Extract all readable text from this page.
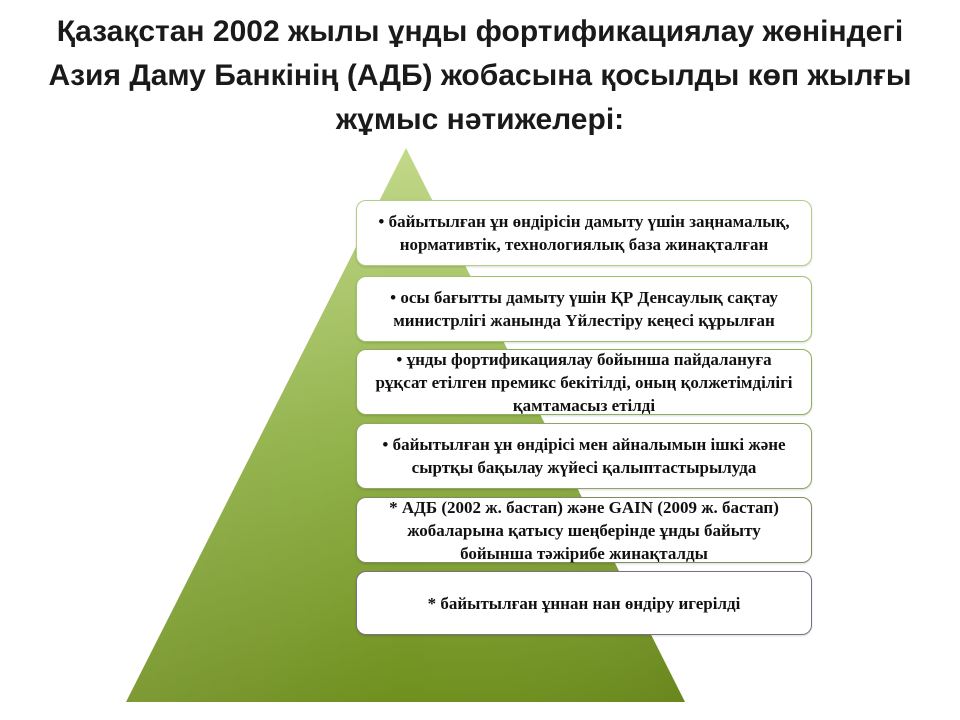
Қазақстан 2002 жылы ұнды фортификациялау жөніндегі Азия Даму Банкінің (АДБ) жобасына қосылды көп жылғы жұмыс нәтижелері:
• байытылған ұн өндірісін дамыту үшін заңнамалық, нормативтік, технологиялық база жинақталған
• осы бағытты дамыту үшін ҚР Денсаулық сақтау министрлігі жанында Үйлестіру кеңесі құрылған
• ұнды фортификациялау бойынша пайдалануға рұқсат етілген премикс бекітілді, оның қолжетімділігі қамтамасыз етілді
• байытылған ұн өндірісі мен айналымын ішкі және сыртқы бақылау жүйесі қалыптастырылуда
* АДБ (2002 ж. бастап) және GAIN (2009 ж. бастап) жобаларына қатысу шеңберінде ұнды байыту бойынша тәжірибе жинақталды
* байытылған ұннан нан өндіру игерілді
